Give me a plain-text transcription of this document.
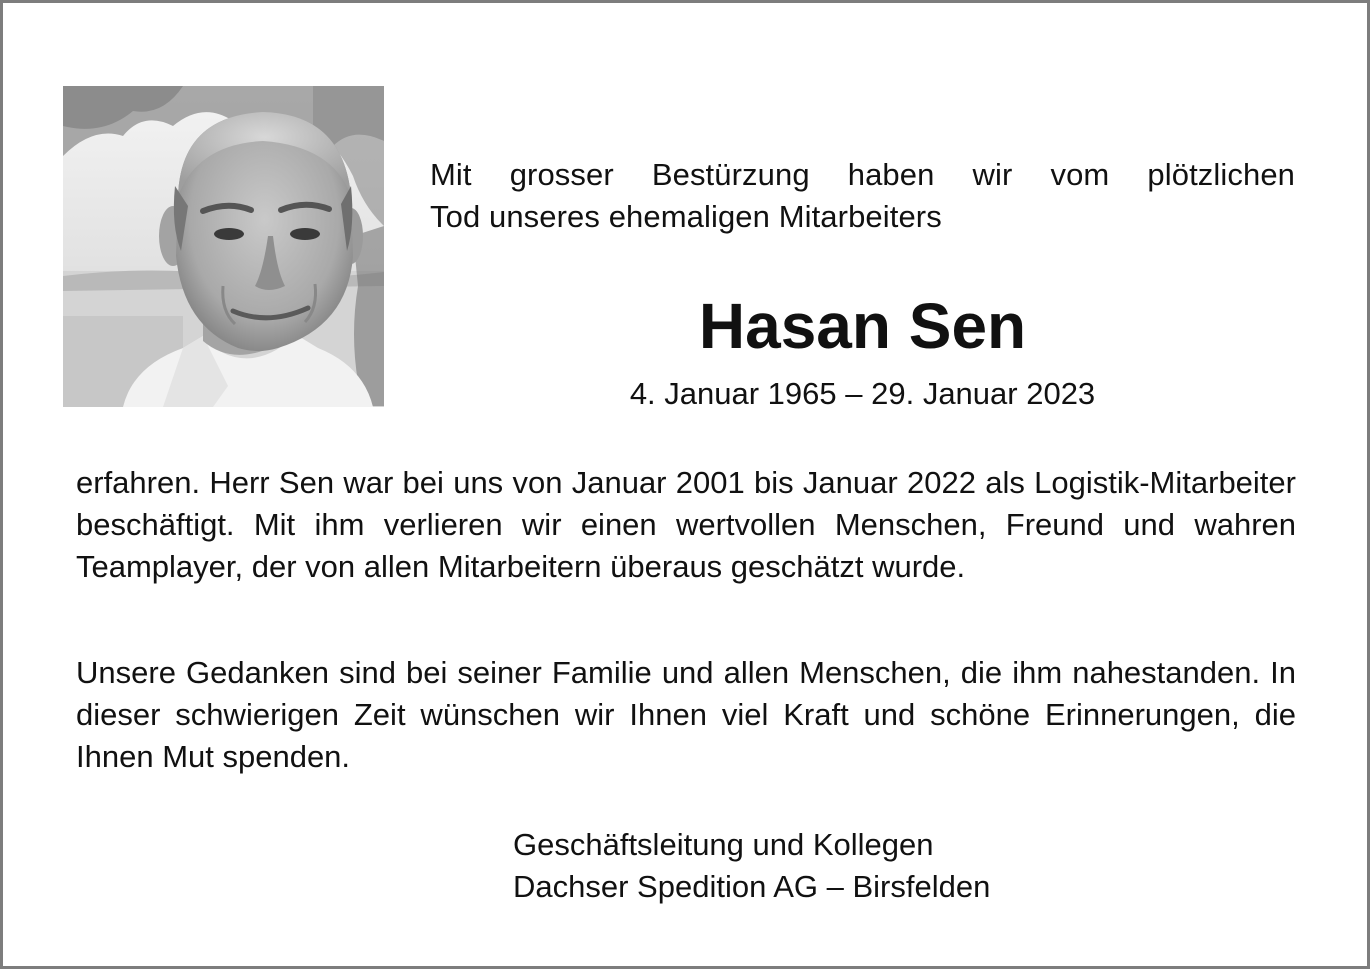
Mit grosser Bestürzung haben wir vom plötzlichen
Tod unseres ehemaligen Mitarbeiters
Hasan Sen
4. Januar 1965 – 29. Januar 2023

erfahren. Herr Sen war bei uns von Januar 2001 bis Januar 2022 als Logistik-Mitarbeiter beschäftigt. Mit ihm verlieren wir einen wertvollen Menschen, Freund und wahren Teamplayer, der von allen Mitarbeitern überaus geschätzt wurde.

Unsere Gedanken sind bei seiner Familie und allen Menschen, die ihm nahestanden. In dieser schwierigen Zeit wünschen wir Ihnen viel Kraft und schöne Erinnerungen, die Ihnen Mut spenden.

Geschäftsleitung und Kollegen
Dachser Spedition AG – Birsfelden
